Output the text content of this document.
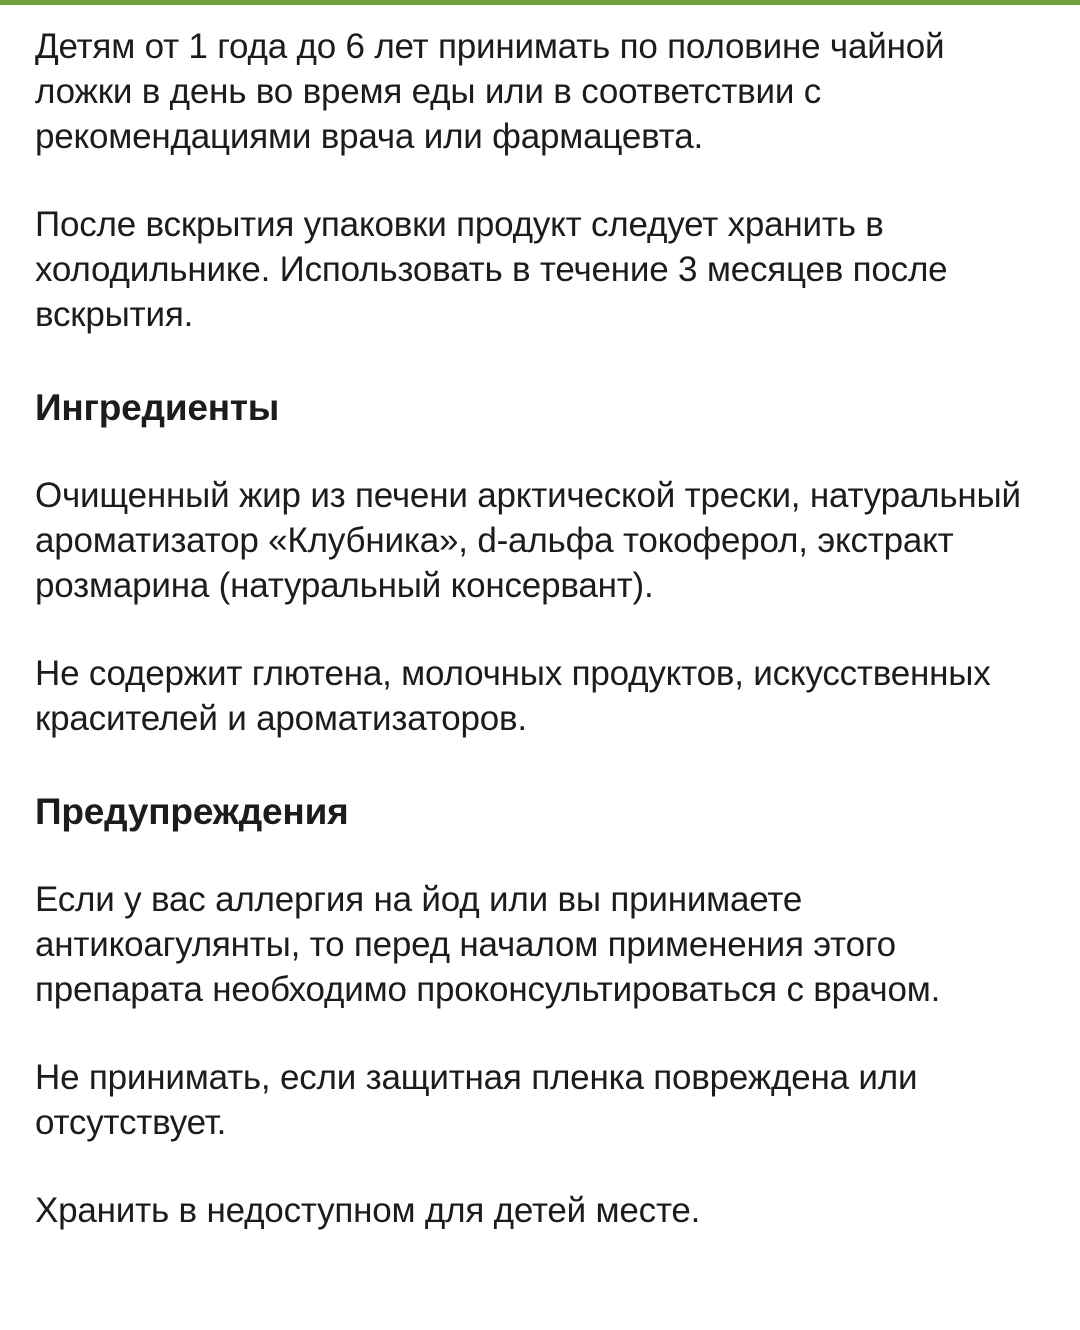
Детям от 1 года до 6 лет принимать по половине чайной ложки в день во время еды или в соответствии с рекомендациями врача или фармацевта.

После вскрытия упаковки продукт следует хранить в холодильнике. Использовать в течение 3 месяцев после вскрытия.

Ингредиенты

Очищенный жир из печени арктической трески, натуральный ароматизатор «Клубника», d-альфа токоферол, экстракт розмарина (натуральный консервант).

Не содержит глютена, молочных продуктов, искусственных красителей и ароматизаторов.

Предупреждения

Если у вас аллергия на йод или вы принимаете антикоагулянты, то перед началом применения этого препарата необходимо проконсультироваться с врачом.

Не принимать, если защитная пленка повреждена или отсутствует.

Хранить в недоступном для детей месте.
